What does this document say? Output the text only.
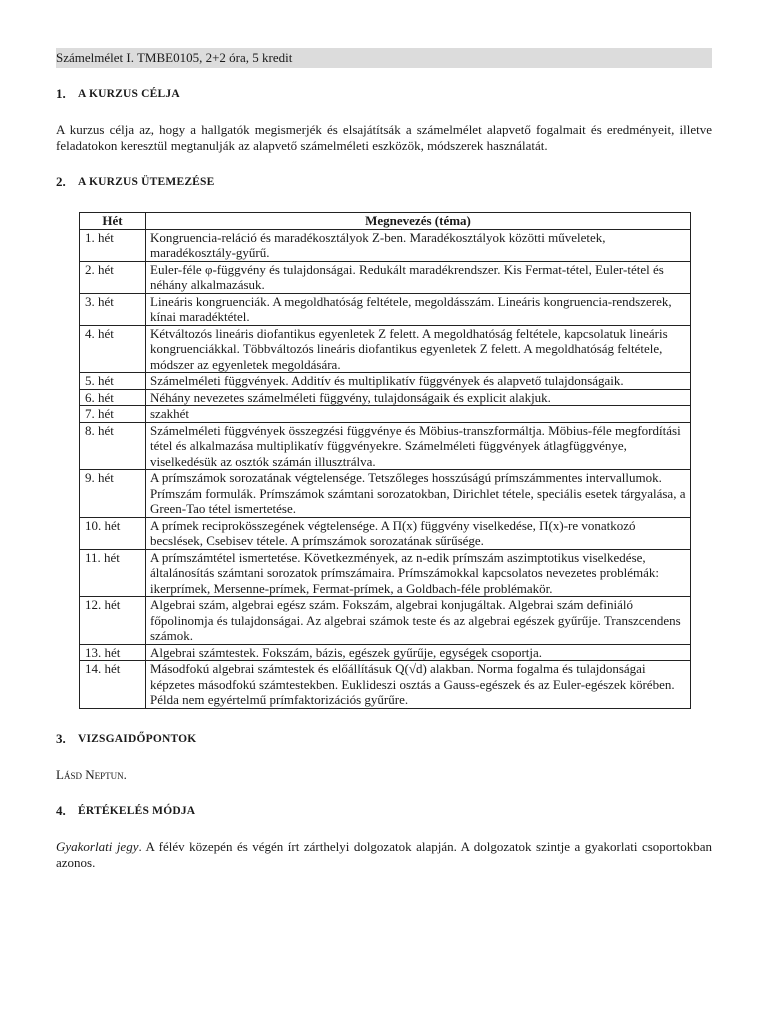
Számelmélet I. TMBE0105, 2+2 óra, 5 kredit
1.	A KURZUS CÉLJA

A kurzus célja az, hogy a hallgatók megismerjék és elsajátítsák a számelmélet alapvető fogalmait és eredményeit, illetve feladatokon keresztül megtanulják az alapvető számelméleti eszközök, módszerek használatát.

2.	A KURZUS ÜTEMEZÉSE
Hét	Megnevezés (téma)
1. hét	Kongruencia-reláció és maradékosztályok Z-ben. Maradékosztályok közötti műveletek, maradékosztály-gyűrű.
2. hét	Euler-féle φ-függvény és tulajdonságai. Redukált maradékrendszer. Kis Fermat-tétel, Euler-tétel és néhány alkalmazásuk.
3. hét	Lineáris kongruenciák. A megoldhatóság feltétele, megoldásszám. Lineáris kongruencia-rendszerek, kínai maradéktétel.
4. hét	Kétváltozós lineáris diofantikus egyenletek Z felett. A megoldhatóság feltétele, kapcsolatuk lineáris kongruenciákkal. Többváltozós lineáris diofantikus egyenletek Z felett. A megoldhatóság feltétele, módszer az egyenletek megoldására.
5. hét	Számelméleti függvények. Additív és multiplikatív függvények és alapvető tulajdonságaik.
6. hét	Néhány nevezetes számelméleti függvény, tulajdonságaik és explicit alakjuk.
7. hét	szakhét
8. hét	Számelméleti függvények összegzési függvénye és Möbius-transzformáltja. Möbius-féle megfordítási tétel és alkalmazása multiplikatív függvényekre. Számelméleti függvények átlagfüggvénye, viselkedésük az osztók számán illusztrálva.
9. hét	A prímszámok sorozatának végtelensége. Tetszőleges hosszúságú prímszámmentes intervallumok. Prímszám formulák. Prímszámok számtani sorozatokban, Dirichlet tétele, speciális esetek tárgyalása, a Green-Tao tétel ismertetése.
10. hét	A prímek reciprokösszegének végtelensége. A Π(x) függvény viselkedése, Π(x)-re vonatkozó becslések, Csebisev tétele. A prímszámok sorozatának sűrűsége.
11. hét	A prímszámtétel ismertetése. Következmények, az n-edik prímszám aszimptotikus viselkedése, általánosítás számtani sorozatok prímszámaira. Prímszámokkal kapcsolatos nevezetes problémák: ikerprímek, Mersenne-prímek, Fermat-prímek, a Goldbach-féle problémakör.
12. hét	Algebrai szám, algebrai egész szám. Fokszám, algebrai konjugáltak. Algebrai szám definiáló főpolinomja és tulajdonságai. Az algebrai számok teste és az algebrai egészek gyűrűje. Transzcendens számok.
13. hét	Algebrai számtestek. Fokszám, bázis, egészek gyűrűje, egységek csoportja.
14. hét	Másodfokú algebrai számtestek és előállításuk Q(√d) alakban. Norma fogalma és tulajdonságai képzetes másodfokú számtestekben. Euklideszi osztás a Gauss-egészek és az Euler-egészek körében. Példa nem egyértelmű prímfaktorizációs gyűrűre.
3.	VIZSGAIDŐPONTOK

Lásd Neptun.

4.	ÉRTÉKELÉS MÓDJA

Gyakorlati jegy. A félév közepén és végén írt zárthelyi dolgozatok alapján. A dolgozatok szintje a gyakorlati csoportokban azonos.
